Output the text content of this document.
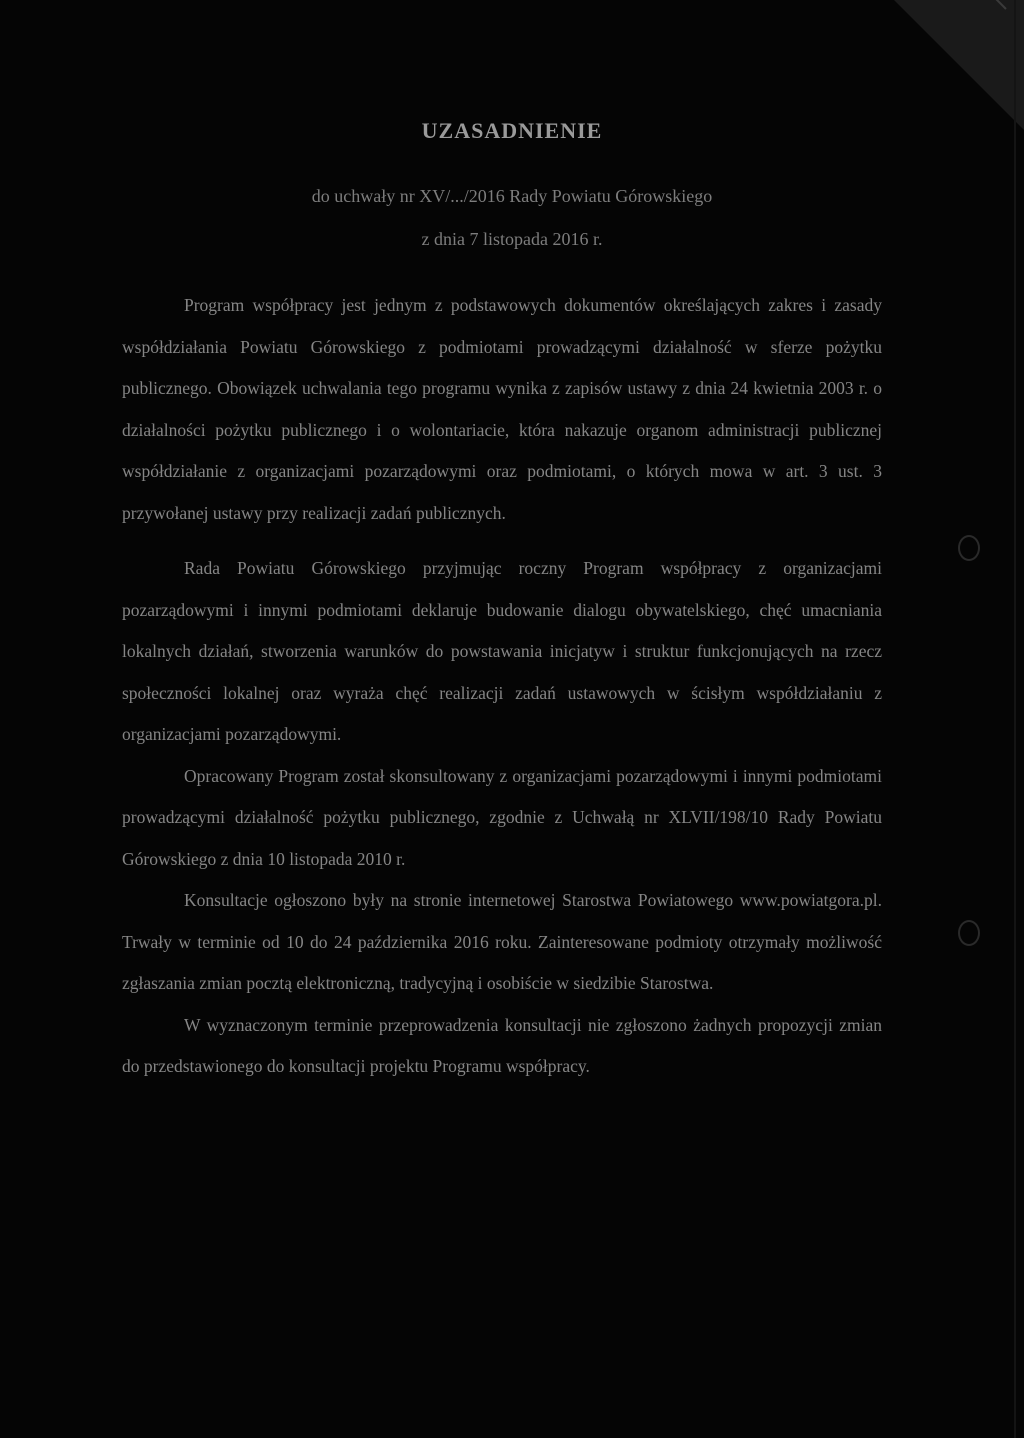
UZASADNIENIE
do uchwały nr XV/.../2016 Rady Powiatu Górowskiego
z dnia 7 listopada 2016 r.

Program współpracy jest jednym z podstawowych dokumentów określających zakres i zasady współdziałania Powiatu Górowskiego z podmiotami prowadzącymi działalność w sferze pożytku publicznego. Obowiązek uchwalania tego programu wynika z zapisów ustawy z dnia 24 kwietnia 2003 r. o działalności pożytku publicznego i o wolontariacie, która nakazuje organom administracji publicznej współdziałanie z organizacjami pozarządowymi oraz podmiotami, o których mowa w art. 3 ust. 3 przywołanej ustawy przy realizacji zadań publicznych.

Rada Powiatu Górowskiego przyjmując roczny Program współpracy z organizacjami pozarządowymi i innymi podmiotami deklaruje budowanie dialogu obywatelskiego, chęć umacniania lokalnych działań, stworzenia warunków do powstawania inicjatyw i struktur funkcjonujących na rzecz społeczności lokalnej oraz wyraża chęć realizacji zadań ustawowych w ścisłym współdziałaniu z organizacjami pozarządowymi.

Opracowany Program został skonsultowany z organizacjami pozarządowymi i innymi podmiotami prowadzącymi działalność pożytku publicznego, zgodnie z Uchwałą nr XLVII/198/10 Rady Powiatu Górowskiego z dnia 10 listopada 2010 r.

Konsultacje ogłoszono były na stronie internetowej Starostwa Powiatowego www.powiatgora.pl. Trwały w terminie od 10 do 24 października 2016 roku. Zainteresowane podmioty otrzymały możliwość zgłaszania zmian pocztą elektroniczną, tradycyjną i osobiście w siedzibie Starostwa.

W wyznaczonym terminie przeprowadzenia konsultacji nie zgłoszono żadnych propozycji zmian do przedstawionego do konsultacji projektu Programu współpracy.
